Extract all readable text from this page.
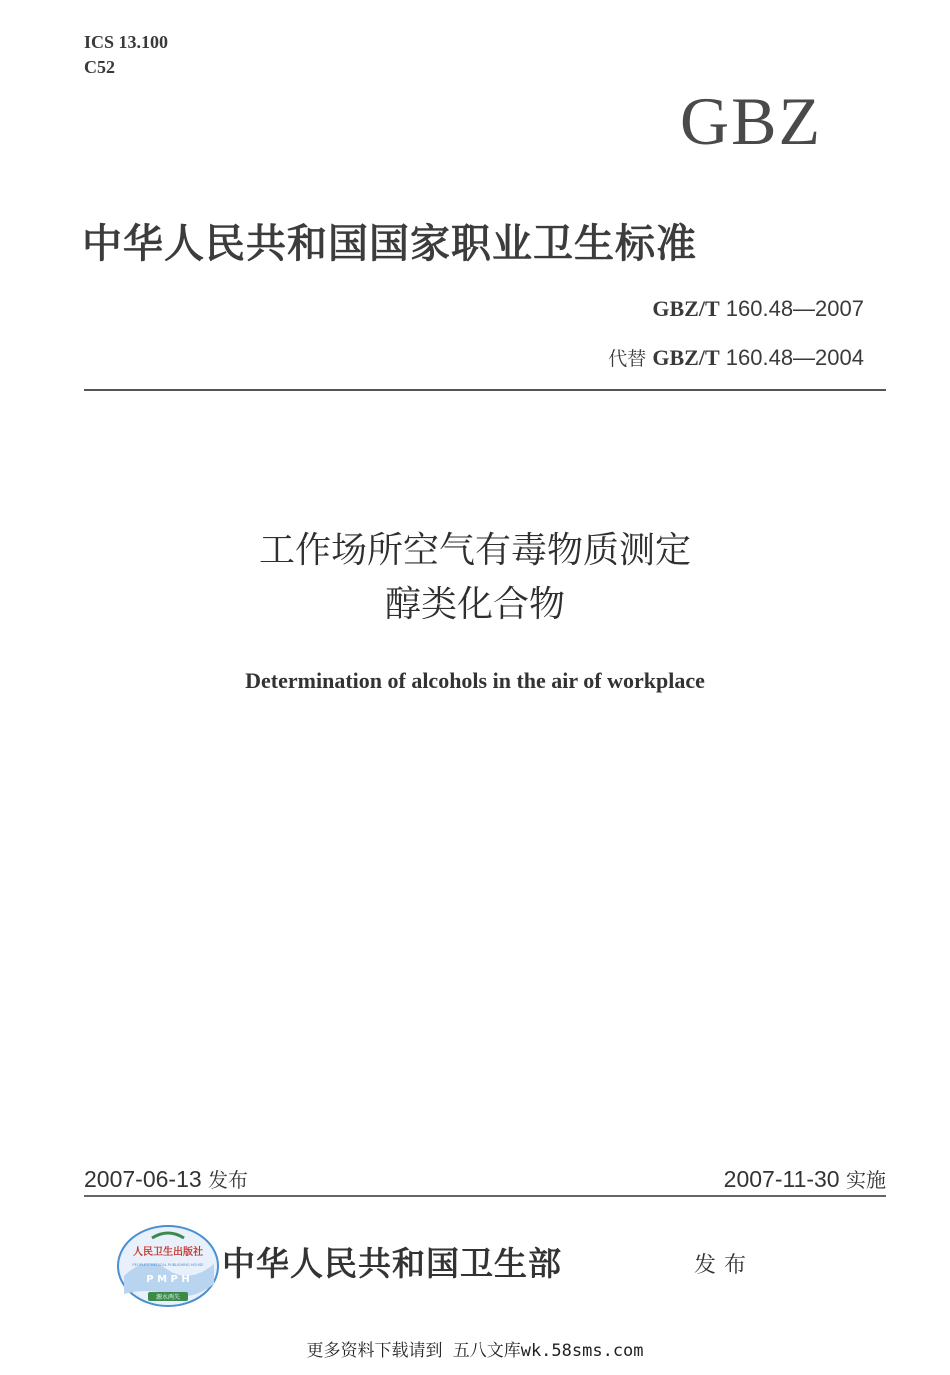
ICS 13.100
C52
GBZ
中华人民共和国国家职业卫生标准
GBZ/T 160.48—2007
代替 GBZ/T 160.48—2004
工作场所空气有毒物质测定
醇类化合物
Determination of alcohols in the air of workplace
2007-06-13 发布	2007-11-30 实施
人民卫生出版社
PEOPLE'S MEDICAL PUBLISHING HOUSE
P M P H
源水两失
中华人民共和国卫生部	发布
更多资料下载请到 五八文库wk.58sms.com
